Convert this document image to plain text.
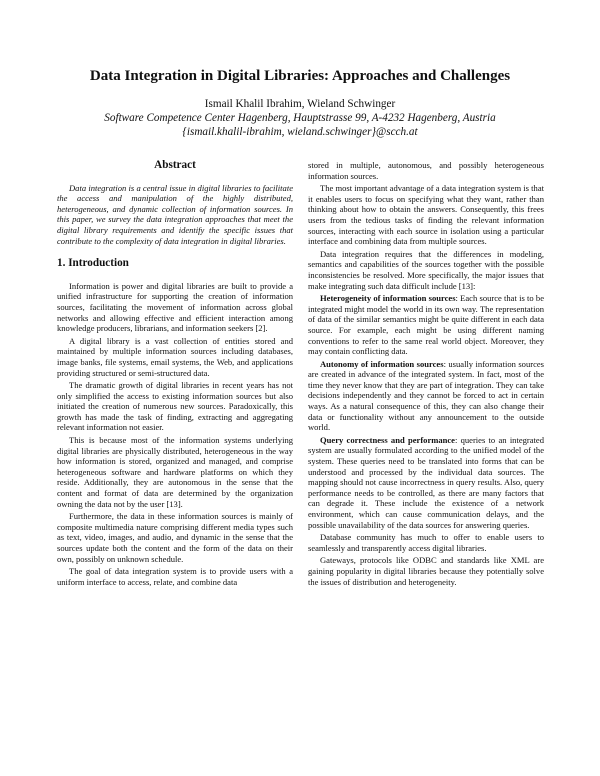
Data Integration in Digital Libraries: Approaches and Challenges
Ismail Khalil Ibrahim, Wieland Schwinger
Software Competence Center Hagenberg, Hauptstrasse 99, A-4232 Hagenberg, Austria
{ismail.khalil-ibrahim, wieland.schwinger}@scch.at
Abstract

Data integration is a central issue in digital libraries to facilitate the access and manipulation of the highly distributed, heterogeneous, and dynamic collection of information sources. In this paper, we survey the data integration approaches that meet the digital library requirements and identify the specific issues that contribute to the complexity of data integration in digital libraries.

1. Introduction

Information is power and digital libraries are built to provide a unified infrastructure for supporting the creation of information sources, facilitating the movement of information across global networks and allowing effective and efficient interaction among knowledge producers, librarians, and information seekers [2].

A digital library is a vast collection of entities stored and maintained by multiple information sources including databases, image banks, file systems, email systems, the Web, and applications providing structured or semi-structured data.

The dramatic growth of digital libraries in recent years has not only simplified the access to existing information sources but also initiated the creation of numerous new sources. Paradoxically, this growth has made the task of finding, extracting and aggregating relevant information not easier.

This is because most of the information systems underlying digital libraries are physically distributed, heterogeneous in the way how information is stored, organized and managed, and comprise heterogeneous software and hardware platforms on which they reside. Additionally, they are autonomous in the sense that the content and format of data are determined by the organization owning the data not by the user [13].

Furthermore, the data in these information sources is mainly of composite multimedia nature comprising different media types such as text, video, images, and audio, and dynamic in the sense that the sources update both the content and the form of the data on their own, possibly on unknown schedule.

The goal of data integration system is to provide users with a uniform interface to access, relate, and combine data

stored in multiple, autonomous, and possibly heterogeneous information sources.

The most important advantage of a data integration system is that it enables users to focus on specifying what they want, rather than thinking about how to obtain the answers. Consequently, this frees users from the tedious tasks of finding the relevant information sources, interacting with each source in isolation using a particular interface and combining data from multiple sources.

Data integration requires that the differences in modeling, semantics and capabilities of the sources together with the possible inconsistencies be resolved. More specifically, the major issues that make integrating such data difficult include [13]:

Heterogeneity of information sources: Each source that is to be integrated might model the world in its own way. The representation of data of the similar semantics might be quite different in each data source. For example, each might be using different naming conventions to refer to the same real world object. Moreover, they may contain conflicting data.

Autonomy of information sources: usually information sources are created in advance of the integrated system. In fact, most of the time they never know that they are part of integration. They can take decisions independently and they cannot be forced to act in certain ways. As a natural consequence of this, they can also change their data or functionality without any announcement to the outside world.

Query correctness and performance: queries to an integrated system are usually formulated according to the unified model of the system. These queries need to be translated into forms that can be understood and processed by the individual data sources. The mapping should not cause incorrectness in query results. Also, query performance needs to be controlled, as there are many factors that can degrade it. These include the existence of a network environment, which can cause communication delays, and the possible unavailability of the data sources for answering queries.

Database community has much to offer to enable users to seamlessly and transparently access digital libraries.

Gateways, protocols like ODBC and standards like XML are gaining popularity in digital libraries because they potentially solve the issues of distribution and heterogeneity.
